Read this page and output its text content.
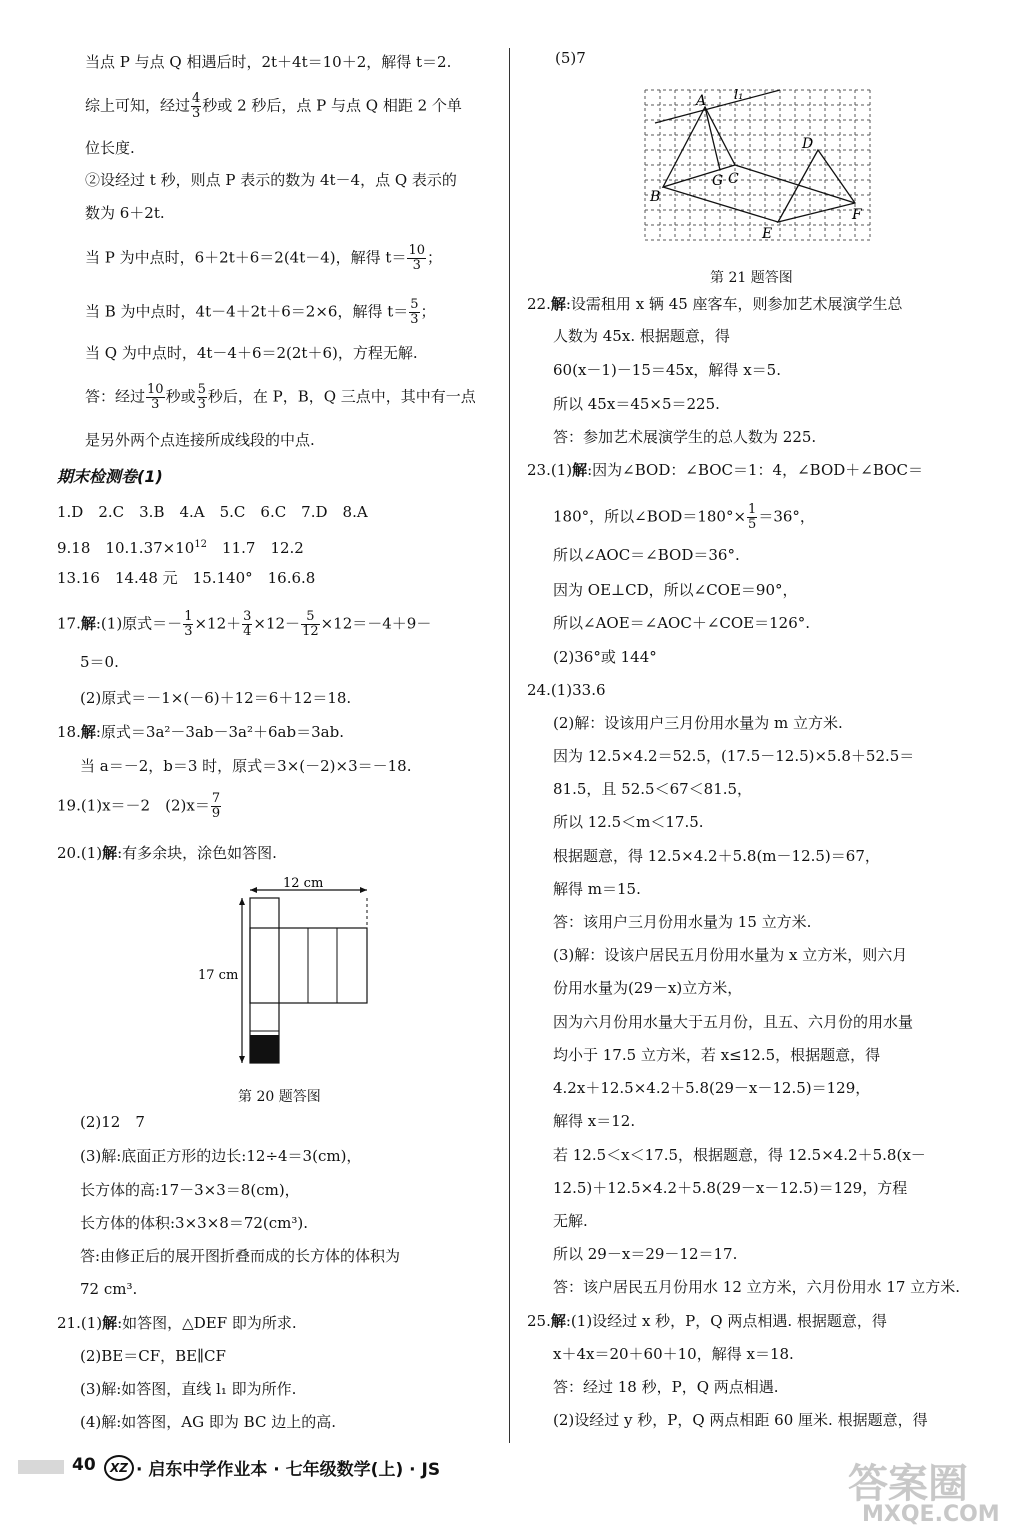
当点 P 与点 Q 相遇后时，2t＋4t＝10＋2，解得 t＝2.
综上可知，经过 $\frac{4}{3}$ 秒或 2 秒后，点 P 与点 Q 相距 2 个单
位长度.
②设经过 t 秒，则点 P 表示的数为 4t－4，点 Q 表示的
数为 6＋2t.
当 P 为中点时，6＋2t＋6＝2(4t－4)，解得 $t= \frac{10}{3}$ ；
当 B 为中点时，4t－4＋2t＋6＝2×6，解得 $t= \frac{5}{3}$ ；
当 Q 为中点时，4t－4＋6＝2(2t＋6)，方程无解.
答：经过 $\frac{10}{3}$ 秒或 $\frac{5}{3}$ 秒后，在 P，B，Q 三点中，其中有一点
是另外两个点连接所成线段的中点.
期末检测卷(1)
1.D　2.C　3.B　4.A　5.C　6.C　7.D　8.A
9.18　$10.1.37\times 10^{12}$　11.7　12.2
13.16　14.48 元　15.140°　16.6.8
17.解:(1)原式＝－ $\frac{1}{3} \times 12+ \frac{3}{4} \times 12- \frac{5}{12} \times 12=-4+9-$
5＝0.
(2)原式＝－1×(－6)＋12＝6＋12＝18.
18.解:原式＝3a²－3ab－3a²＋6ab＝3ab.
当 a＝－2，b＝3 时，原式＝3×(－2)×3＝－18.
19.(1)x＝－2　$(2)x= \frac{7}{9}$
20.(1)解:有多余块，涂色如答图.
12 cm
17 cm
第 20 题答图
(2)12　7
(3)解:底面正方形的边长:12÷4＝3(cm)，
长方体的高:17－3×3＝8(cm)，
长方体的体积:3×3×8＝72(cm³).
答:由修正后的展开图折叠而成的长方体的体积为
72 cm³.
21.(1)解:如答图，△DEF 即为所求.
(2)BE＝CF，BE∥CF
(3)解:如答图，直线 l₁ 即为所作.
(4)解:如答图，AG 即为 BC 边上的高.
(5)7
A l₁
D
G C
B
E
F
第 21 题答图
22.解:设需租用 x 辆 45 座客车，则参加艺术展演学生总
人数为 45x. 根据题意，得
60(x－1)－15＝45x，解得 x＝5.
所以 45x＝45×5＝225.
答：参加艺术展演学生的总人数为 225.
23.(1)解:因为∠BOD：∠BOC＝1：4，∠BOD＋∠BOC＝
180°，所以∠BOD＝180°× $\frac{1}{5} =36^\circ$，
所以∠AOC＝∠BOD＝36°.
因为 OE⊥CD，所以∠COE＝90°，
所以∠AOE＝∠AOC＋∠COE＝126°.
(2)36°或 144°
24.(1)33.6
(2)解：设该用户三月份用水量为 m 立方米.
因为 12.5×4.2＝52.5，(17.5－12.5)×5.8＋52.5＝
81.5，且 52.5＜67＜81.5，
所以 12.5＜m＜17.5.
根据题意，得 12.5×4.2＋5.8(m－12.5)＝67，
解得 m＝15.
答：该用户三月份用水量为 15 立方米.
(3)解：设该户居民五月份用水量为 x 立方米，则六月
份用水量为(29－x)立方米，
因为六月份用水量大于五月份，且五、六月份的用水量
均小于 17.5 立方米，若 x≤12.5，根据题意，得
4.2x＋12.5×4.2＋5.8(29－x－12.5)＝129，
解得 x＝12.
若 12.5＜x＜17.5，根据题意，得 12.5×4.2＋5.8(x－
12.5)＋12.5×4.2＋5.8(29－x－12.5)＝129，方程
无解.
所以 29－x＝29－12＝17.
答：该户居民五月份用水 12 立方米，六月份用水 17 立方米.
25.解:(1)设经过 x 秒，P，Q 两点相遇. 根据题意，得
x＋4x＝20＋60＋10，解得 x＝18.
答：经过 18 秒，P，Q 两点相遇.
(2)设经过 y 秒，P，Q 两点相距 60 厘米. 根据题意，得
40	XZ · 启东中学作业本 · 七年级数学(上) · JS	答案圈
MXQE.COM
